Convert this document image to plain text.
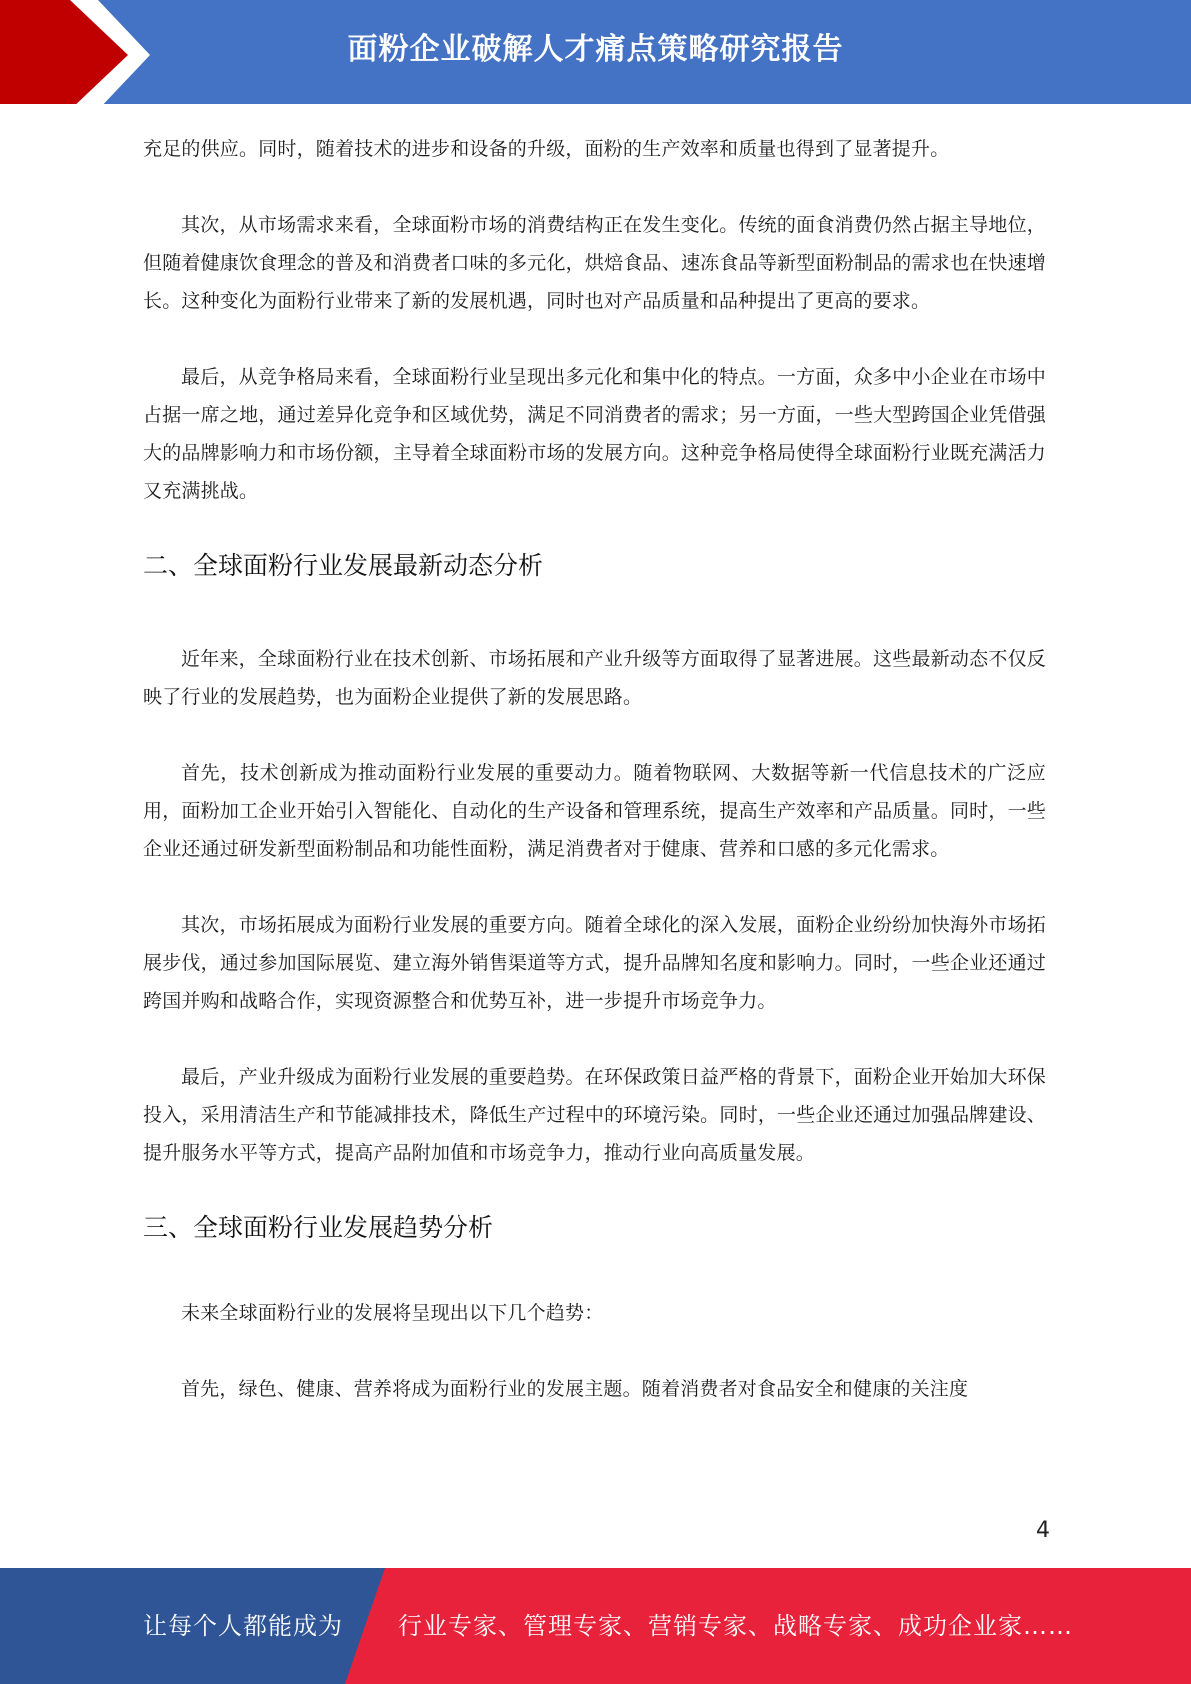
面粉企业破解人才痛点策略研究报告

充足的供应。同时，随着技术的进步和设备的升级，面粉的生产效率和质量也得到了显著提升。

其次，从市场需求来看，全球面粉市场的消费结构正在发生变化。传统的面食消费仍然占据主导地位，但随着健康饮食理念的普及和消费者口味的多元化，烘焙食品、速冻食品等新型面粉制品的需求也在快速增长。这种变化为面粉行业带来了新的发展机遇，同时也对产品质量和品种提出了更高的要求。

最后，从竞争格局来看，全球面粉行业呈现出多元化和集中化的特点。一方面，众多中小企业在市场中占据一席之地，通过差异化竞争和区域优势，满足不同消费者的需求；另一方面，一些大型跨国企业凭借强大的品牌影响力和市场份额，主导着全球面粉市场的发展方向。这种竞争格局使得全球面粉行业既充满活力又充满挑战。

二、全球面粉行业发展最新动态分析

近年来，全球面粉行业在技术创新、市场拓展和产业升级等方面取得了显著进展。这些最新动态不仅反映了行业的发展趋势，也为面粉企业提供了新的发展思路。

首先，技术创新成为推动面粉行业发展的重要动力。随着物联网、大数据等新一代信息技术的广泛应用，面粉加工企业开始引入智能化、自动化的生产设备和管理系统，提高生产效率和产品质量。同时，一些企业还通过研发新型面粉制品和功能性面粉，满足消费者对于健康、营养和口感的多元化需求。

其次，市场拓展成为面粉行业发展的重要方向。随着全球化的深入发展，面粉企业纷纷加快海外市场拓展步伐，通过参加国际展览、建立海外销售渠道等方式，提升品牌知名度和影响力。同时，一些企业还通过跨国并购和战略合作，实现资源整合和优势互补，进一步提升市场竞争力。

最后，产业升级成为面粉行业发展的重要趋势。在环保政策日益严格的背景下，面粉企业开始加大环保投入，采用清洁生产和节能减排技术，降低生产过程中的环境污染。同时，一些企业还通过加强品牌建设、提升服务水平等方式，提高产品附加值和市场竞争力，推动行业向高质量发展。

三、全球面粉行业发展趋势分析

未来全球面粉行业的发展将呈现出以下几个趋势：

首先，绿色、健康、营养将成为面粉行业的发展主题。随着消费者对食品安全和健康的关注度

4
让每个人都能成为 行业专家、管理专家、营销专家、战略专家、成功企业家……
